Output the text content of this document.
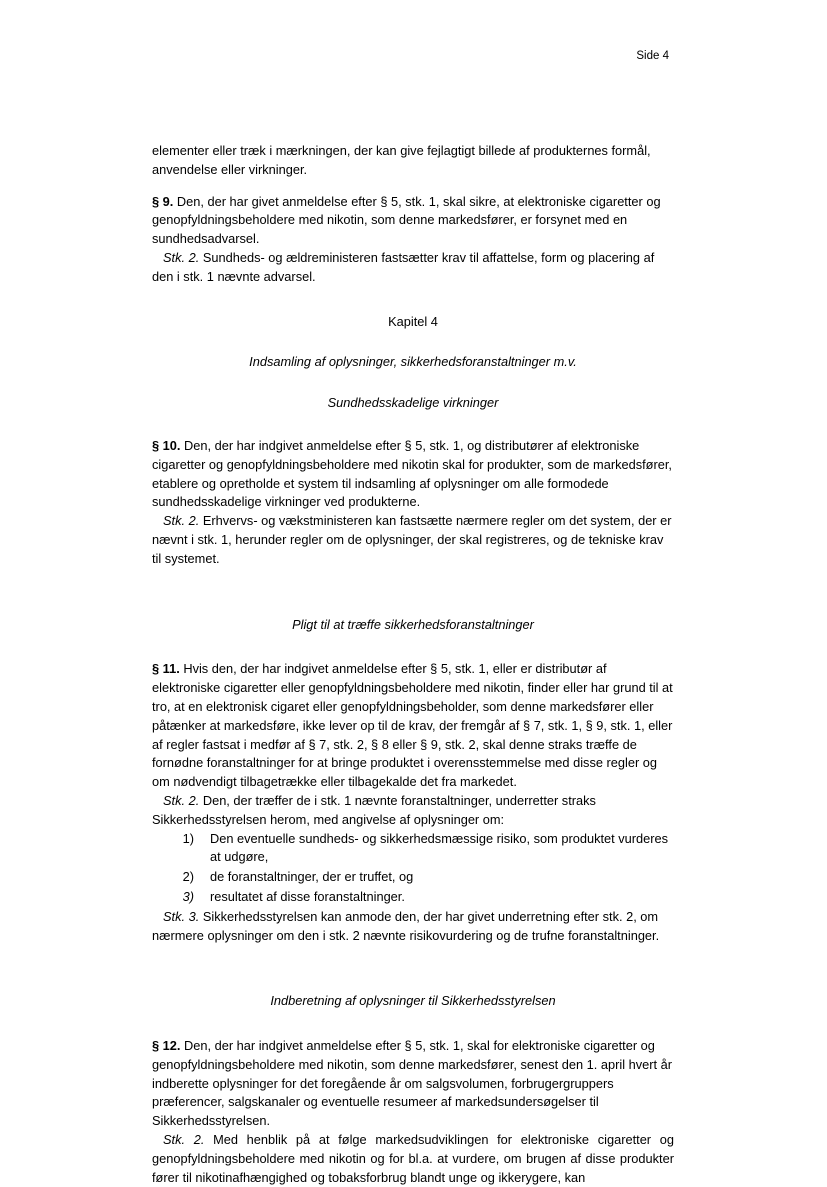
Side 4

elementer eller træk i mærkningen, der kan give fejlagtigt billede af produkternes formål, anvendelse eller virkninger.

§ 9. Den, der har givet anmeldelse efter § 5, stk. 1, skal sikre, at elektroniske cigaretter og genopfyldningsbeholdere med nikotin, som denne markedsfører, er forsynet med en sundhedsadvarsel.

Stk. 2. Sundheds- og ældreministeren fastsætter krav til affattelse, form og placering af den i stk. 1 nævnte advarsel.

Kapitel 4

Indsamling af oplysninger, sikkerhedsforanstaltninger m.v.

Sundhedsskadelige virkninger

§ 10. Den, der har indgivet anmeldelse efter § 5, stk. 1, og distributører af elektroniske cigaretter og genopfyldningsbeholdere med nikotin skal for produkter, som de markedsfører, etablere og opretholde et system til indsamling af oplysninger om alle formodede sundhedsskadelige virkninger ved produkterne.

Stk. 2. Erhvervs- og vækstministeren kan fastsætte nærmere regler om det system, der er nævnt i stk. 1, herunder regler om de oplysninger, der skal registreres, og de tekniske krav til systemet.

Pligt til at træffe sikkerhedsforanstaltninger

§ 11. Hvis den, der har indgivet anmeldelse efter § 5, stk. 1, eller er distributør af elektroniske cigaretter eller genopfyldningsbeholdere med nikotin, finder eller har grund til at tro, at en elektronisk cigaret eller genopfyldningsbeholder, som denne markedsfører eller påtænker at markedsføre, ikke lever op til de krav, der fremgår af § 7, stk. 1, § 9, stk. 1, eller af regler fastsat i medfør af § 7, stk. 2, § 8 eller § 9, stk. 2, skal denne straks træffe de fornødne foranstaltninger for at bringe produktet i overensstemmelse med disse regler og om nødvendigt tilbagetrække eller tilbagekalde det fra markedet.

Stk. 2. Den, der træffer de i stk. 1 nævnte foranstaltninger, underretter straks Sikkerhedsstyrelsen herom, med angivelse af oplysninger om:

1)	Den eventuelle sundheds- og sikkerhedsmæssige risiko, som produktet vurderes at udgøre,
2)	de foranstaltninger, der er truffet, og
3)	resultatet af disse foranstaltninger.

Stk. 3. Sikkerhedsstyrelsen kan anmode den, der har givet underretning efter stk. 2, om nærmere oplysninger om den i stk. 2 nævnte risikovurdering og de trufne foranstaltninger.

Indberetning af oplysninger til Sikkerhedsstyrelsen

§ 12. Den, der har indgivet anmeldelse efter § 5, stk. 1, skal for elektroniske cigaretter og genopfyldningsbeholdere med nikotin, som denne markedsfører, senest den 1. april hvert år indberette oplysninger for det foregående år om salgsvolumen, forbrugergruppers præferencer, salgskanaler og eventuelle resumeer af markedsundersøgelser til Sikkerhedsstyrelsen.

Stk. 2. Med henblik på at følge markedsudviklingen for elektroniske cigaretter og genopfyldningsbeholdere med nikotin og for bl.a. at vurdere, om brugen af disse produkter fører til nikotinafhængighed og tobaksforbrug blandt unge og ikkerygere, kan
